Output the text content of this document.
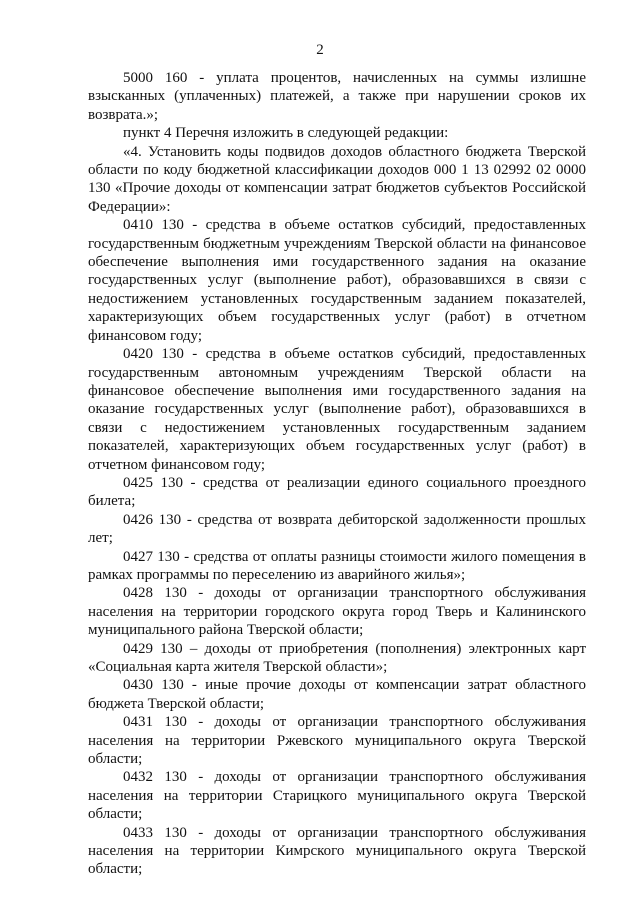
2

5000 160 - уплата процентов, начисленных на суммы излишне взысканных (уплаченных) платежей, а также при нарушении сроков их возврата.»;

пункт 4 Перечня изложить в следующей редакции:

«4. Установить коды подвидов доходов областного бюджета Тверской области по коду бюджетной классификации доходов 000 1 13 02992 02 0000 130 «Прочие доходы от компенсации затрат бюджетов субъектов Российской Федерации»:

0410 130 - средства в объеме остатков субсидий, предоставленных государственным бюджетным учреждениям Тверской области на финансовое обеспечение выполнения ими государственного задания на оказание государственных услуг (выполнение работ), образовавшихся в связи с недостижением установленных государственным заданием показателей, характеризующих объем государственных услуг (работ) в отчетном финансовом году;

0420 130 - средства в объеме остатков субсидий, предоставленных государственным автономным учреждениям Тверской области на финансовое обеспечение выполнения ими государственного задания на оказание государственных услуг (выполнение работ), образовавшихся в связи с недостижением установленных государственным заданием показателей, характеризующих объем государственных услуг (работ) в отчетном финансовом году;

0425 130 - средства от реализации единого социального проездного билета;

0426 130 - средства от возврата дебиторской задолженности прошлых лет;

0427 130 - средства от оплаты разницы стоимости жилого помещения в рамках программы по переселению из аварийного жилья»;

0428 130 - доходы от организации транспортного обслуживания населения на территории городского округа город Тверь и Калининского муниципального района Тверской области;

0429 130 – доходы от приобретения (пополнения) электронных карт «Социальная карта жителя Тверской области»;

0430 130 - иные прочие доходы от компенсации затрат областного бюджета Тверской области;

0431 130 - доходы от организации транспортного обслуживания населения на территории Ржевского муниципального округа Тверской области;

0432 130 - доходы от организации транспортного обслуживания населения на территории Старицкого муниципального округа Тверской области;

0433 130 - доходы от организации транспортного обслуживания населения на территории Кимрского муниципального округа Тверской области;
